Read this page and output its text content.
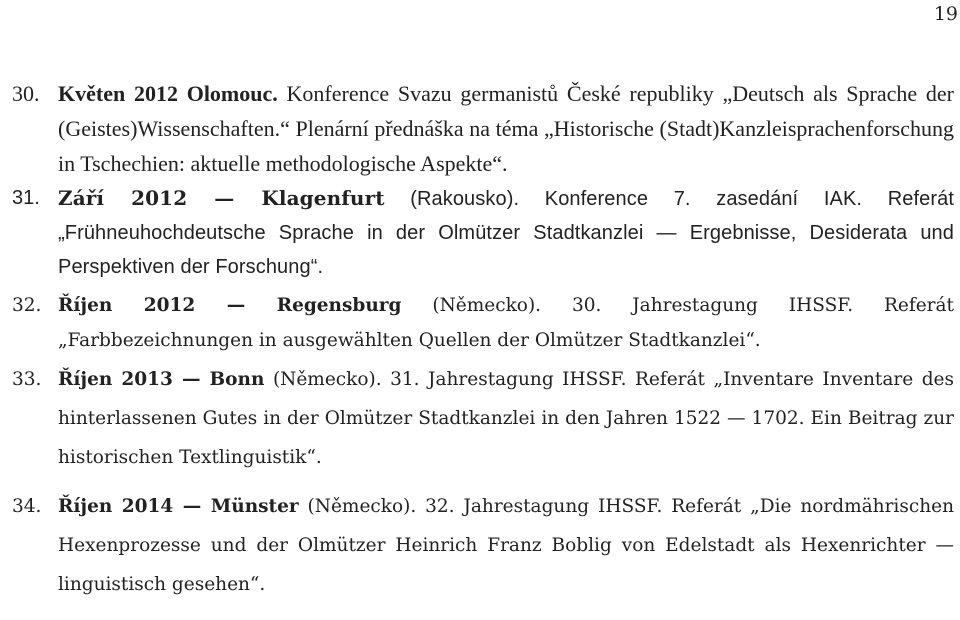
19
30. Květen 2012 Olomouc. Konference Svazu germanistů České republiky „Deutsch als Sprache der (Geistes)Wissenschaften.“ Plenární přednáška na téma „Historische (Stadt)Kanzleisprachenforschung in Tschechien: aktuelle methodologische Aspekte“.
31. Září 2012 — Klagenfurt (Rakousko). Konference 7. zasedání IAK. Referát „Frühneuhochdeutsche Sprache in der Olmützer Stadtkanzlei — Ergebnisse, Desiderata und Perspektiven der Forschung“.
32. Říjen 2012 — Regensburg (Německo). 30. Jahrestagung IHSSF. Referát „Farbbezeichnungen in ausgewählten Quellen der Olmützer Stadtkanzlei“.
33. Říjen 2013 — Bonn (Německo). 31. Jahrestagung IHSSF. Referát „Inventare Inventare des hinterlassenen Gutes in der Olmützer Stadtkanzlei in den Jahren 1522 — 1702. Ein Beitrag zur historischen Textlinguistik“.
34. Říjen 2014 — Münster (Německo). 32. Jahrestagung IHSSF. Referát „Die nordmährischen Hexenprozesse und der Olmützer Heinrich Franz Boblig von Edelstadt als Hexenrichter — linguistisch gesehen“.
